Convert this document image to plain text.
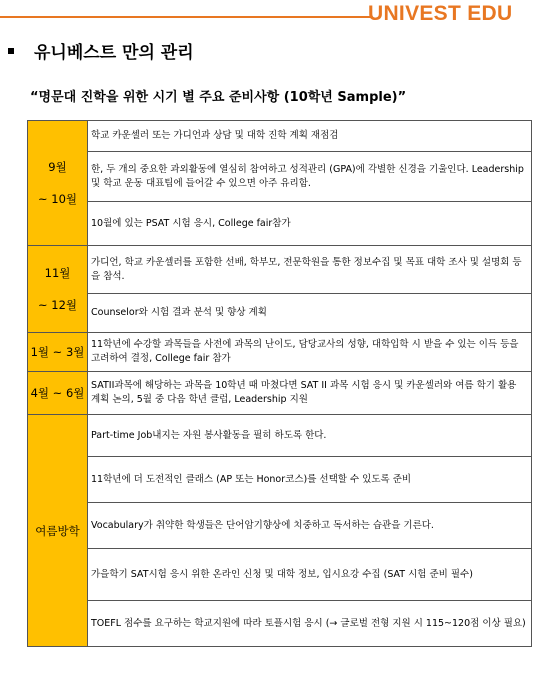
UNIVEST EDU
유니베스트 만의 관리
“명문대 진학을 위한 시기 별 주요 준비사항 (10학년 Sample)”
9월
~ 10월	학교 카운셀러 또는 가디언과 상담 및 대학 진학 계획 재점검
	한, 두 개의 중요한 과외활동에 열심히 참여하고 성적관리 (GPA)에 각별한 신경을 기울인다. Leadership 및 학교 운동 대표팀에 들어갈 수 있으면 아주 유리함.
	10월에 있는 PSAT 시험 응시, College fair참가

11월
~ 12월	가디언, 학교 카운셀러를 포함한 선배, 학부모, 전문학원을 통한 정보수집 및 목표 대학 조사 및 설명회 등을 참석.
	Counselor와 시험 결과 분석 및 향상 계획

1월 ~ 3월	11학년에 수강할 과목들을 사전에 과목의 난이도, 담당교사의 성향, 대학입학 시 받을 수 있는 이득 등을 고려하여 결정, College fair 참가

4월 ~ 6월	SATII과목에 해당하는 과목을 10학년 때 마쳤다면 SAT II 과목 시험 응시 및 카운셀러와 여름 학기 활용 계획 논의, 5월 중 다음 학년 클럽, Leadership 지원

여름방학	Part-time Job내지는 자원 봉사활동을 필히 하도록 한다.
	11학년에 더 도전적인 클래스 (AP 또는 Honor코스)를 선택할 수 있도록 준비
	Vocabulary가 취약한 학생들은 단어암기향상에 치중하고 독서하는 습관을 기른다.
	가을학기 SAT시험 응시 위한 온라인 신청 및 대학 정보, 입시요강 수집 (SAT 시험 준비 필수)
	TOEFL 점수를 요구하는 학교지원에 따라 토플시험 응시 (→ 글로벌 전형 지원 시 115~120점 이상 필요)
